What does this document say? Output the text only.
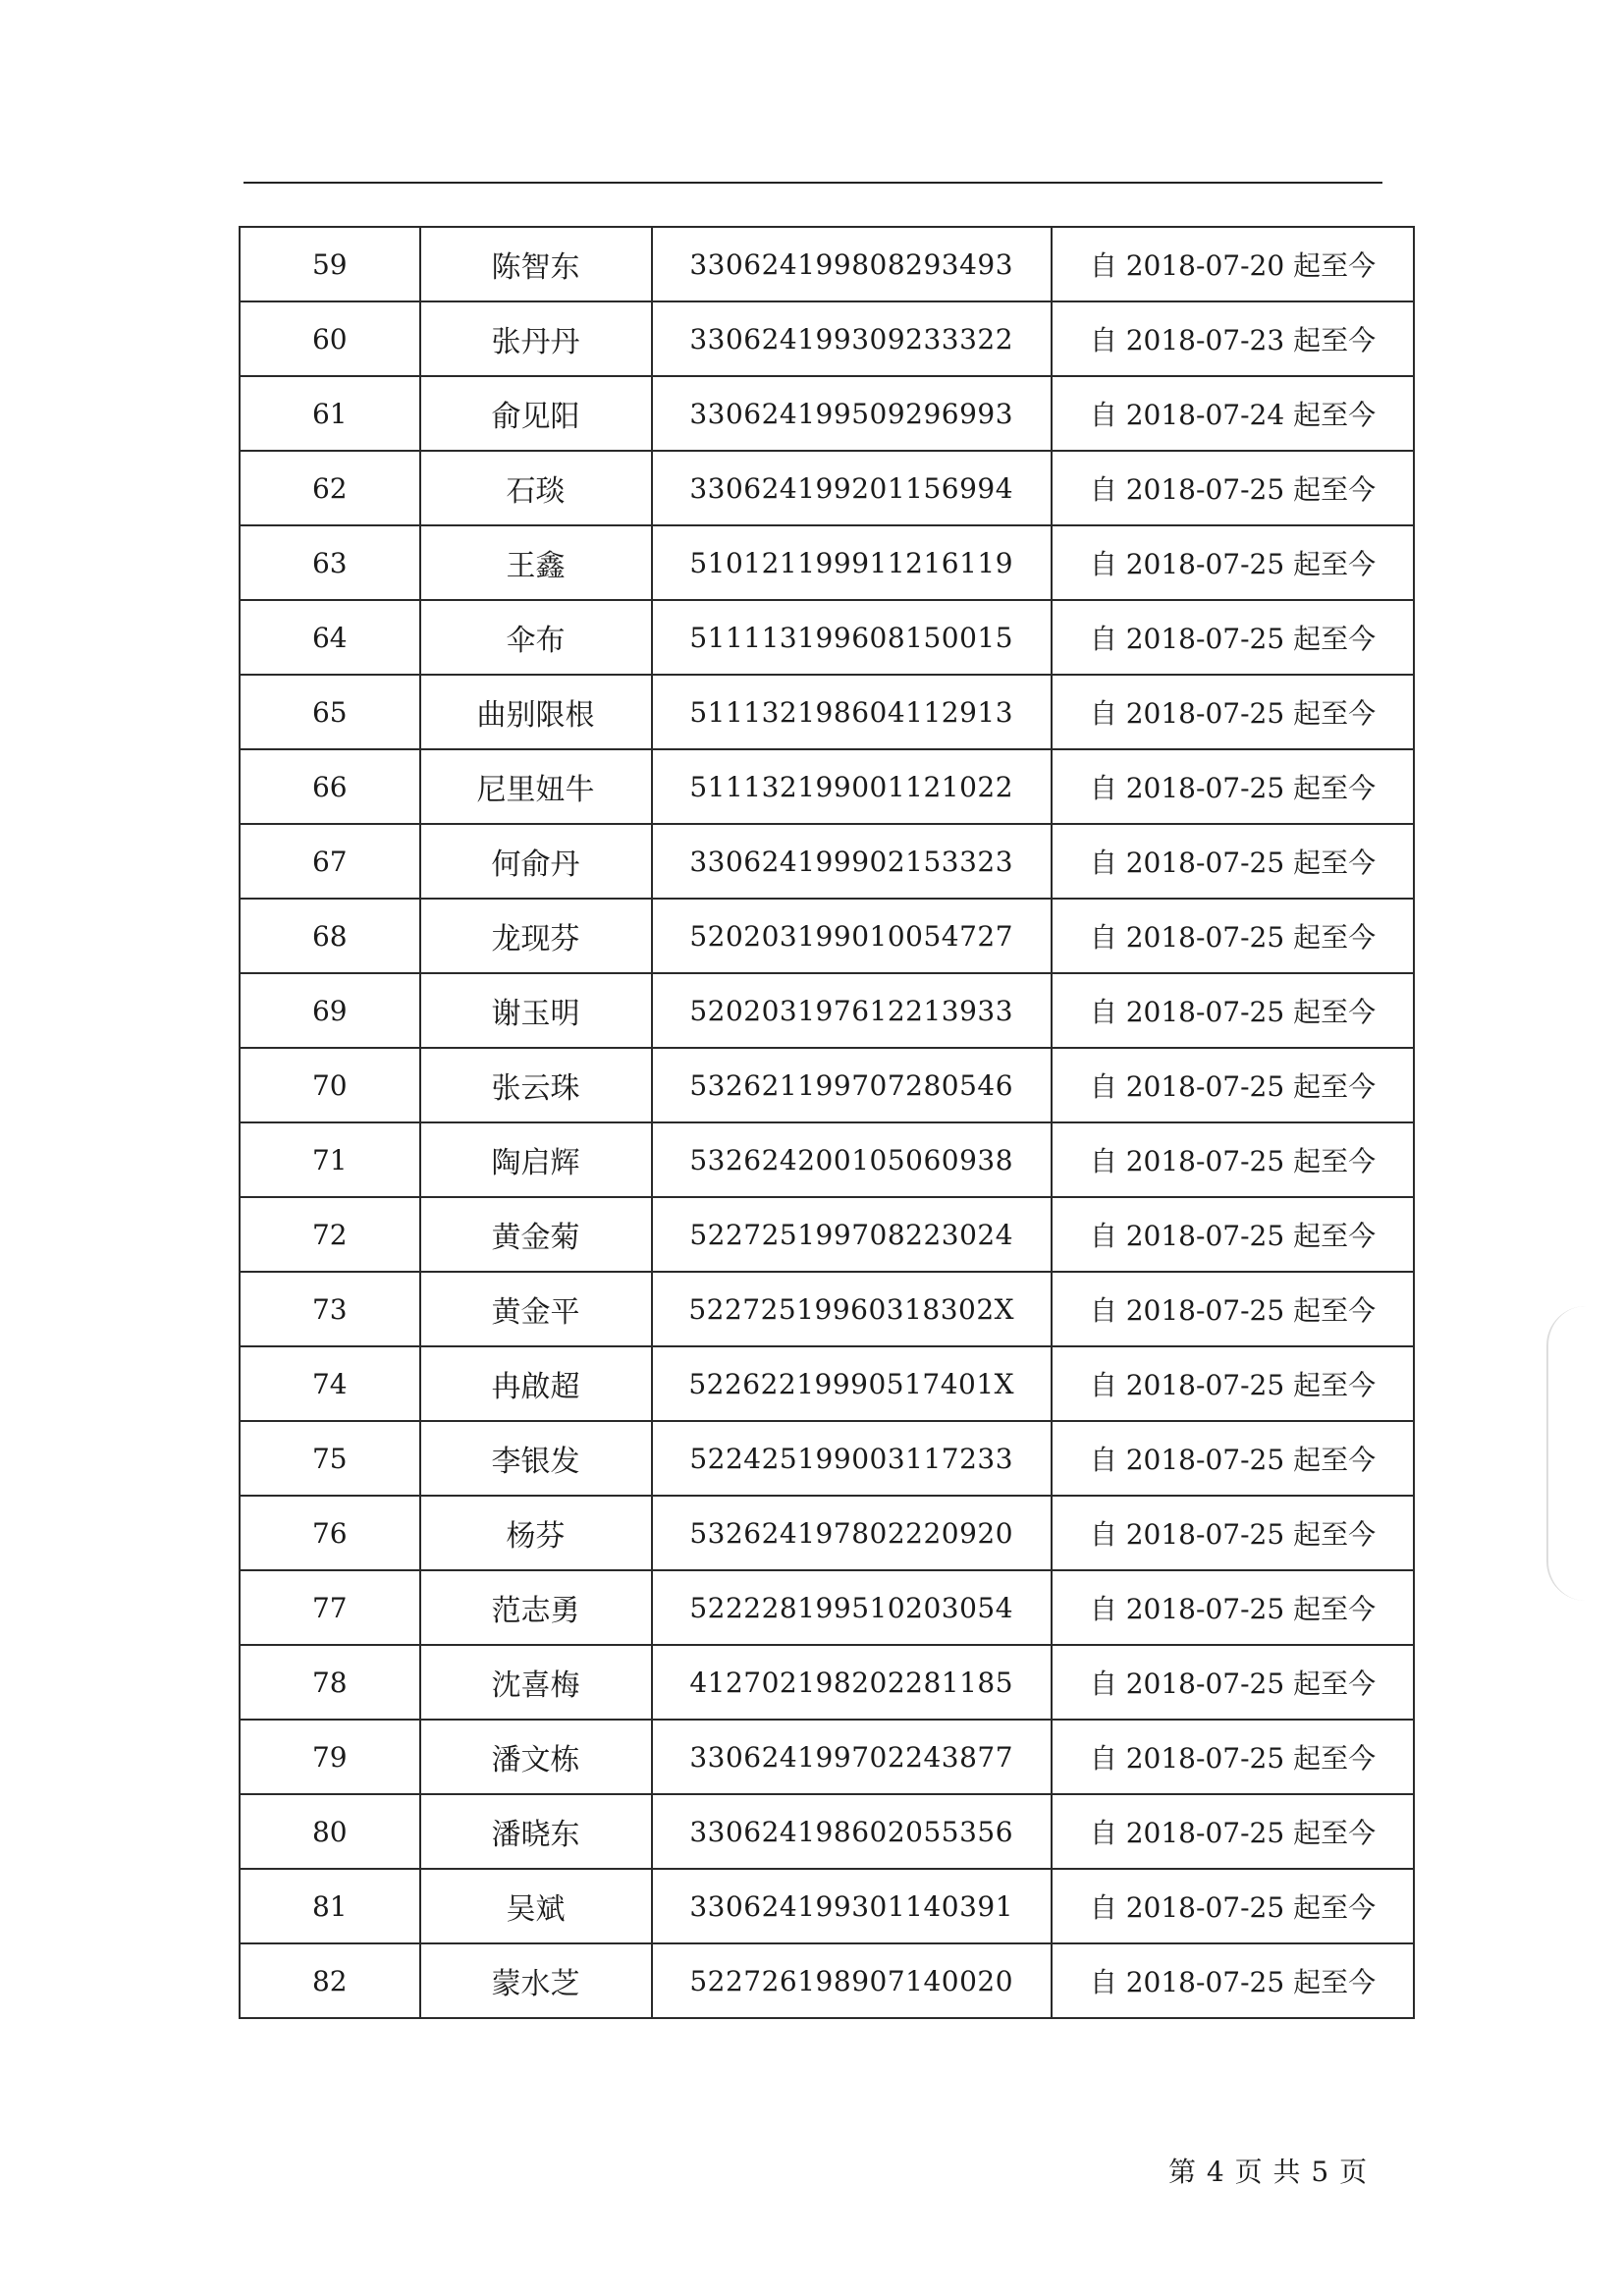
59	陈智东	330624199808293493	自 2018-07-20 起至今
60	张丹丹	330624199309233322	自 2018-07-23 起至今
61	俞见阳	330624199509296993	自 2018-07-24 起至今
62	石琰	330624199201156994	自 2018-07-25 起至今
63	王鑫	510121199911216119	自 2018-07-25 起至今
64	伞布	511113199608150015	自 2018-07-25 起至今
65	曲别限根	511132198604112913	自 2018-07-25 起至今
66	尼里妞牛	511132199001121022	自 2018-07-25 起至今
67	何俞丹	330624199902153323	自 2018-07-25 起至今
68	龙现芬	520203199010054727	自 2018-07-25 起至今
69	谢玉明	520203197612213933	自 2018-07-25 起至今
70	张云珠	532621199707280546	自 2018-07-25 起至今
71	陶启辉	532624200105060938	自 2018-07-25 起至今
72	黄金菊	522725199708223024	自 2018-07-25 起至今
73	黄金平	52272519960318302X	自 2018-07-25 起至今
74	冉啟超	52262219990517401X	自 2018-07-25 起至今
75	李银发	522425199003117233	自 2018-07-25 起至今
76	杨芬	532624197802220920	自 2018-07-25 起至今
77	范志勇	522228199510203054	自 2018-07-25 起至今
78	沈喜梅	412702198202281185	自 2018-07-25 起至今
79	潘文栋	330624199702243877	自 2018-07-25 起至今
80	潘晓东	330624198602055356	自 2018-07-25 起至今
81	吴斌	330624199301140391	自 2018-07-25 起至今
82	蒙水芝	522726198907140020	自 2018-07-25 起至今
第 4 页 共 5 页
